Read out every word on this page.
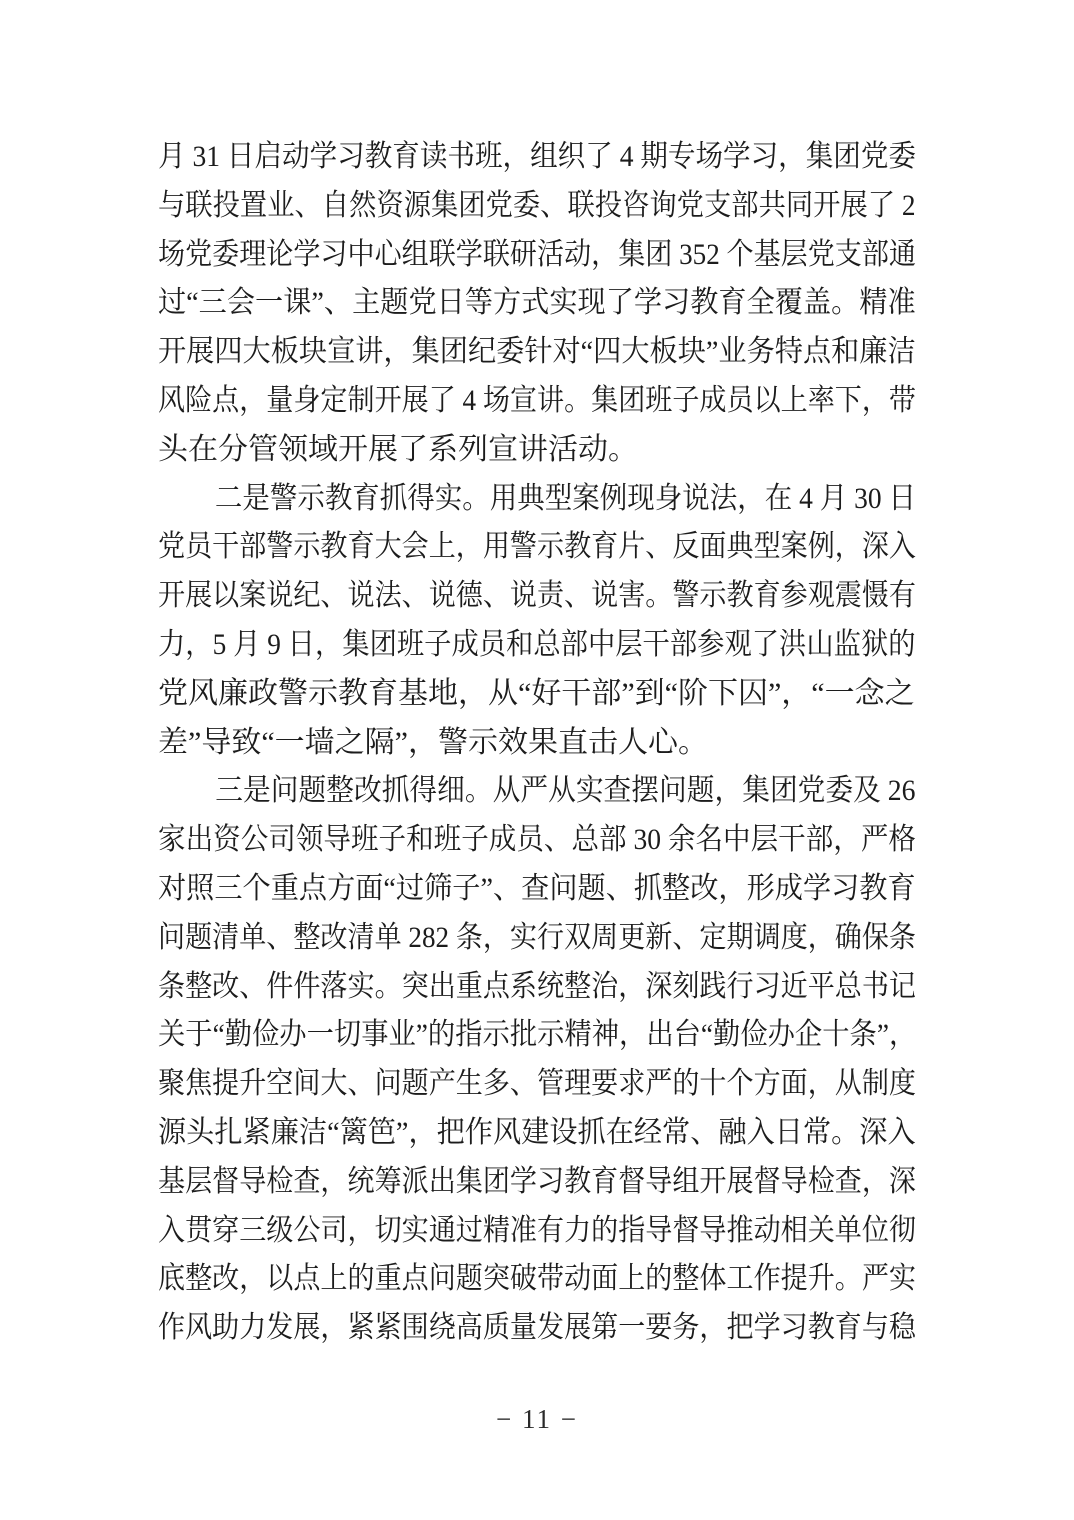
月 31 日启动学习教育读书班，组织了 4 期专场学习，集团党委
与联投置业、自然资源集团党委、联投咨询党支部共同开展了 2
场党委理论学习中心组联学联研活动，集团 352 个基层党支部通
过“三会一课”、主题党日等方式实现了学习教育全覆盖。精准
开展四大板块宣讲，集团纪委针对“四大板块”业务特点和廉洁
风险点，量身定制开展了 4 场宣讲。集团班子成员以上率下，带
头在分管领域开展了系列宣讲活动。
二是警示教育抓得实。用典型案例现身说法，在 4 月 30 日
党员干部警示教育大会上，用警示教育片、反面典型案例，深入
开展以案说纪、说法、说德、说责、说害。警示教育参观震慑有
力，5 月 9 日，集团班子成员和总部中层干部参观了洪山监狱的
党风廉政警示教育基地，从“好干部”到“阶下囚”，“一念之
差”导致“一墙之隔”，警示效果直击人心。
三是问题整改抓得细。从严从实查摆问题，集团党委及 26
家出资公司领导班子和班子成员、总部 30 余名中层干部，严格
对照三个重点方面“过筛子”、查问题、抓整改，形成学习教育
问题清单、整改清单 282 条，实行双周更新、定期调度，确保条
条整改、件件落实。突出重点系统整治，深刻践行习近平总书记
关于“勤俭办一切事业”的指示批示精神，出台“勤俭办企十条”，
聚焦提升空间大、问题产生多、管理要求严的十个方面，从制度
源头扎紧廉洁“篱笆”，把作风建设抓在经常、融入日常。深入
基层督导检查，统筹派出集团学习教育督导组开展督导检查，深
入贯穿三级公司，切实通过精准有力的指导督导推动相关单位彻
底整改，以点上的重点问题突破带动面上的整体工作提升。严实
作风助力发展，紧紧围绕高质量发展第一要务，把学习教育与稳
− 11 −
